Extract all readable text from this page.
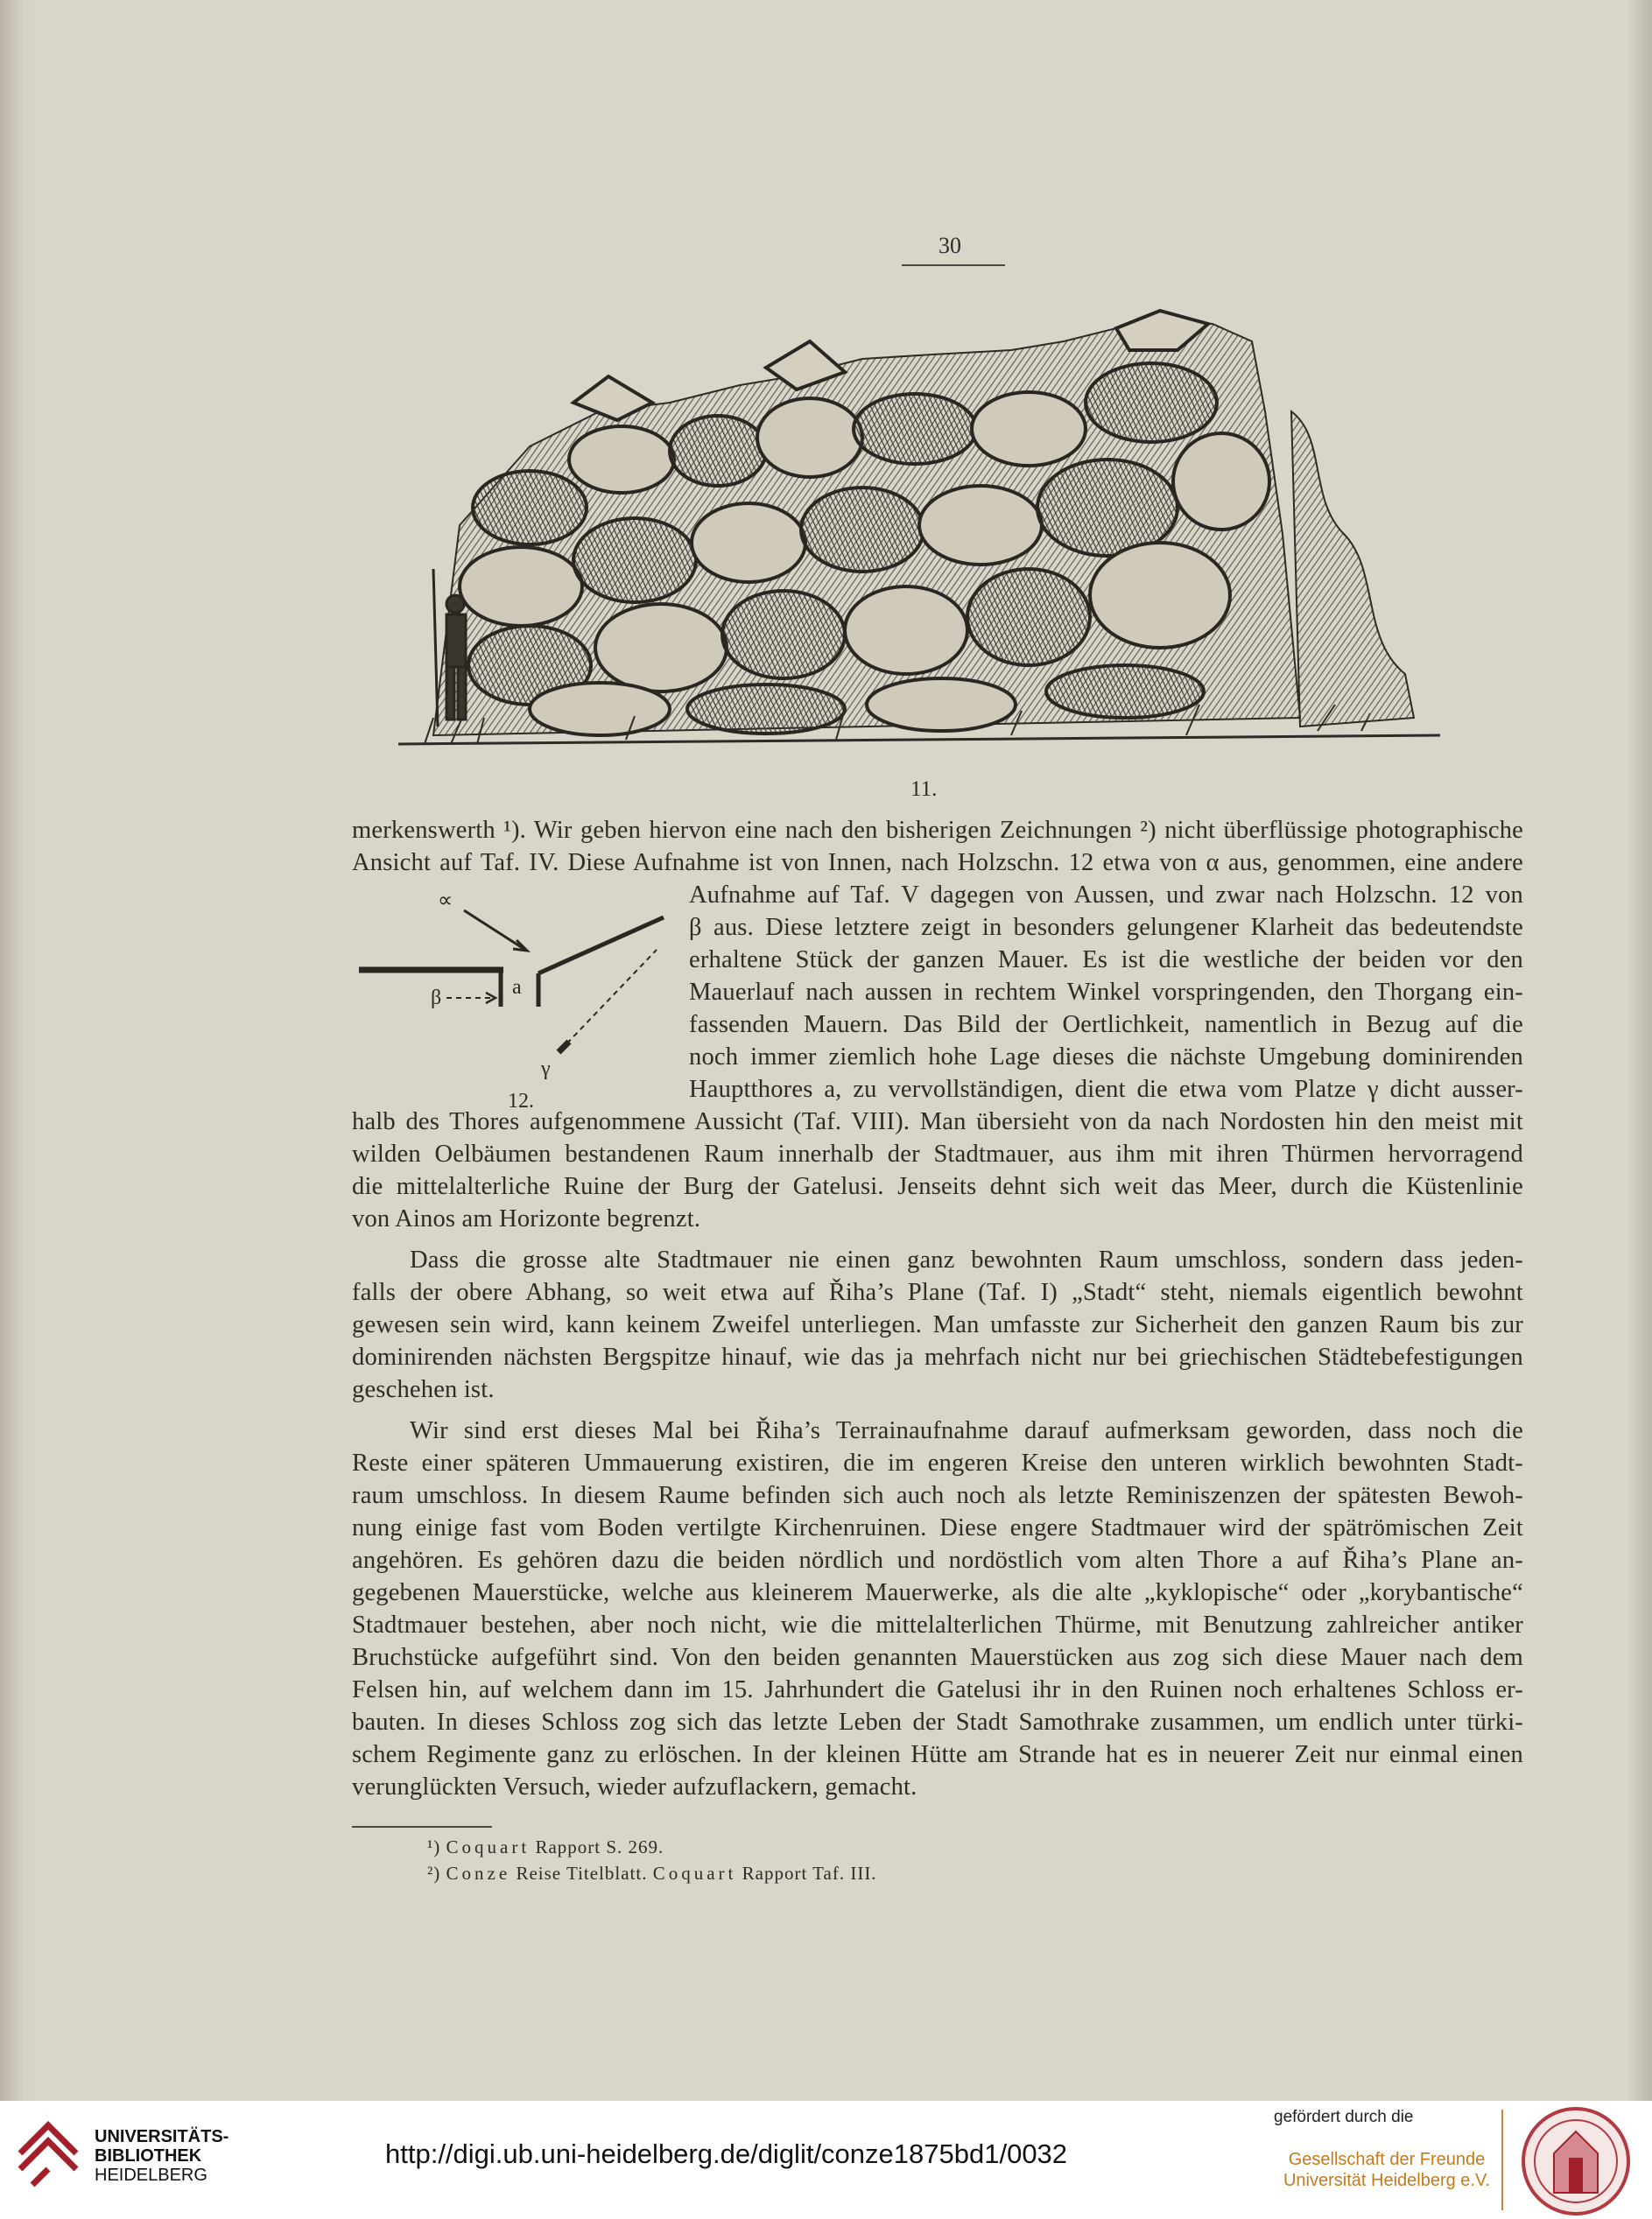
30
11.
merkenswerth ¹). Wir geben hiervon eine nach den bisherigen Zeichnungen ²) nicht überflüssige photographische
Ansicht auf Taf. IV. Diese Aufnahme ist von Innen, nach Holzschn. 12 etwa von α aus, genommen, eine andere
Aufnahme auf Taf. V dagegen von Aussen, und zwar nach Holzschn. 12 von
β aus. Diese letztere zeigt in besonders gelungener Klarheit das bedeutendste
erhaltene Stück der ganzen Mauer. Es ist die westliche der beiden vor den
Mauerlauf nach aussen in rechtem Winkel vorspringenden, den Thorgang ein-
fassenden Mauern. Das Bild der Oertlichkeit, namentlich in Bezug auf die
noch immer ziemlich hohe Lage dieses die nächste Umgebung dominirenden
Hauptthores a, zu vervollständigen, dient die etwa vom Platze γ dicht ausser-
halb des Thores aufgenommene Aussicht (Taf. VIII). Man übersieht von da nach Nordosten hin den meist mit
wilden Oelbäumen bestandenen Raum innerhalb der Stadtmauer, aus ihm mit ihren Thürmen hervorragend
die mittelalterliche Ruine der Burg der Gatelusi. Jenseits dehnt sich weit das Meer, durch die Küstenlinie
von Ainos am Horizonte begrenzt.
Dass die grosse alte Stadtmauer nie einen ganz bewohnten Raum umschloss, sondern dass jeden-
falls der obere Abhang, so weit etwa auf Řiha’s Plane (Taf. I) „Stadt“ steht, niemals eigentlich bewohnt
gewesen sein wird, kann keinem Zweifel unterliegen. Man umfasste zur Sicherheit den ganzen Raum bis zur
dominirenden nächsten Bergspitze hinauf, wie das ja mehrfach nicht nur bei griechischen Städtebefestigungen
geschehen ist.
Wir sind erst dieses Mal bei Řiha’s Terrainaufnahme darauf aufmerksam geworden, dass noch die
Reste einer späteren Ummauerung existiren, die im engeren Kreise den unteren wirklich bewohnten Stadt-
raum umschloss. In diesem Raume befinden sich auch noch als letzte Reminiszenzen der spätesten Bewoh-
nung einige fast vom Boden vertilgte Kirchenruinen. Diese engere Stadtmauer wird der spätrömischen Zeit
angehören. Es gehören dazu die beiden nördlich und nordöstlich vom alten Thore a auf Řiha’s Plane an-
gegebenen Mauerstücke, welche aus kleinerem Mauerwerke, als die alte „kyklopische“ oder „korybantische“
Stadtmauer bestehen, aber noch nicht, wie die mittelalterlichen Thürme, mit Benutzung zahlreicher antiker
Bruchstücke aufgeführt sind. Von den beiden genannten Mauerstücken aus zog sich diese Mauer nach dem
Felsen hin, auf welchem dann im 15. Jahrhundert die Gatelusi ihr in den Ruinen noch erhaltenes Schloss er-
bauten. In dieses Schloss zog sich das letzte Leben der Stadt Samothrake zusammen, um endlich unter türki-
schem Regimente ganz zu erlöschen. In der kleinen Hütte am Strande hat es in neuerer Zeit nur einmal einen
verunglückten Versuch, wieder aufzuflackern, gemacht.
∝
β
γ
a
12.
¹) Coquart Rapport S. 269.
²) Conze Reise Titelblatt. Coquart Rapport Taf. III.
UNIVERSITÄTS-
BIBLIOTHEK
HEIDELBERG
http://digi.ub.uni-heidelberg.de/diglit/conze1875bd1/0032
gefördert durch die
Gesellschaft der Freunde
Universität Heidelberg e.V.
